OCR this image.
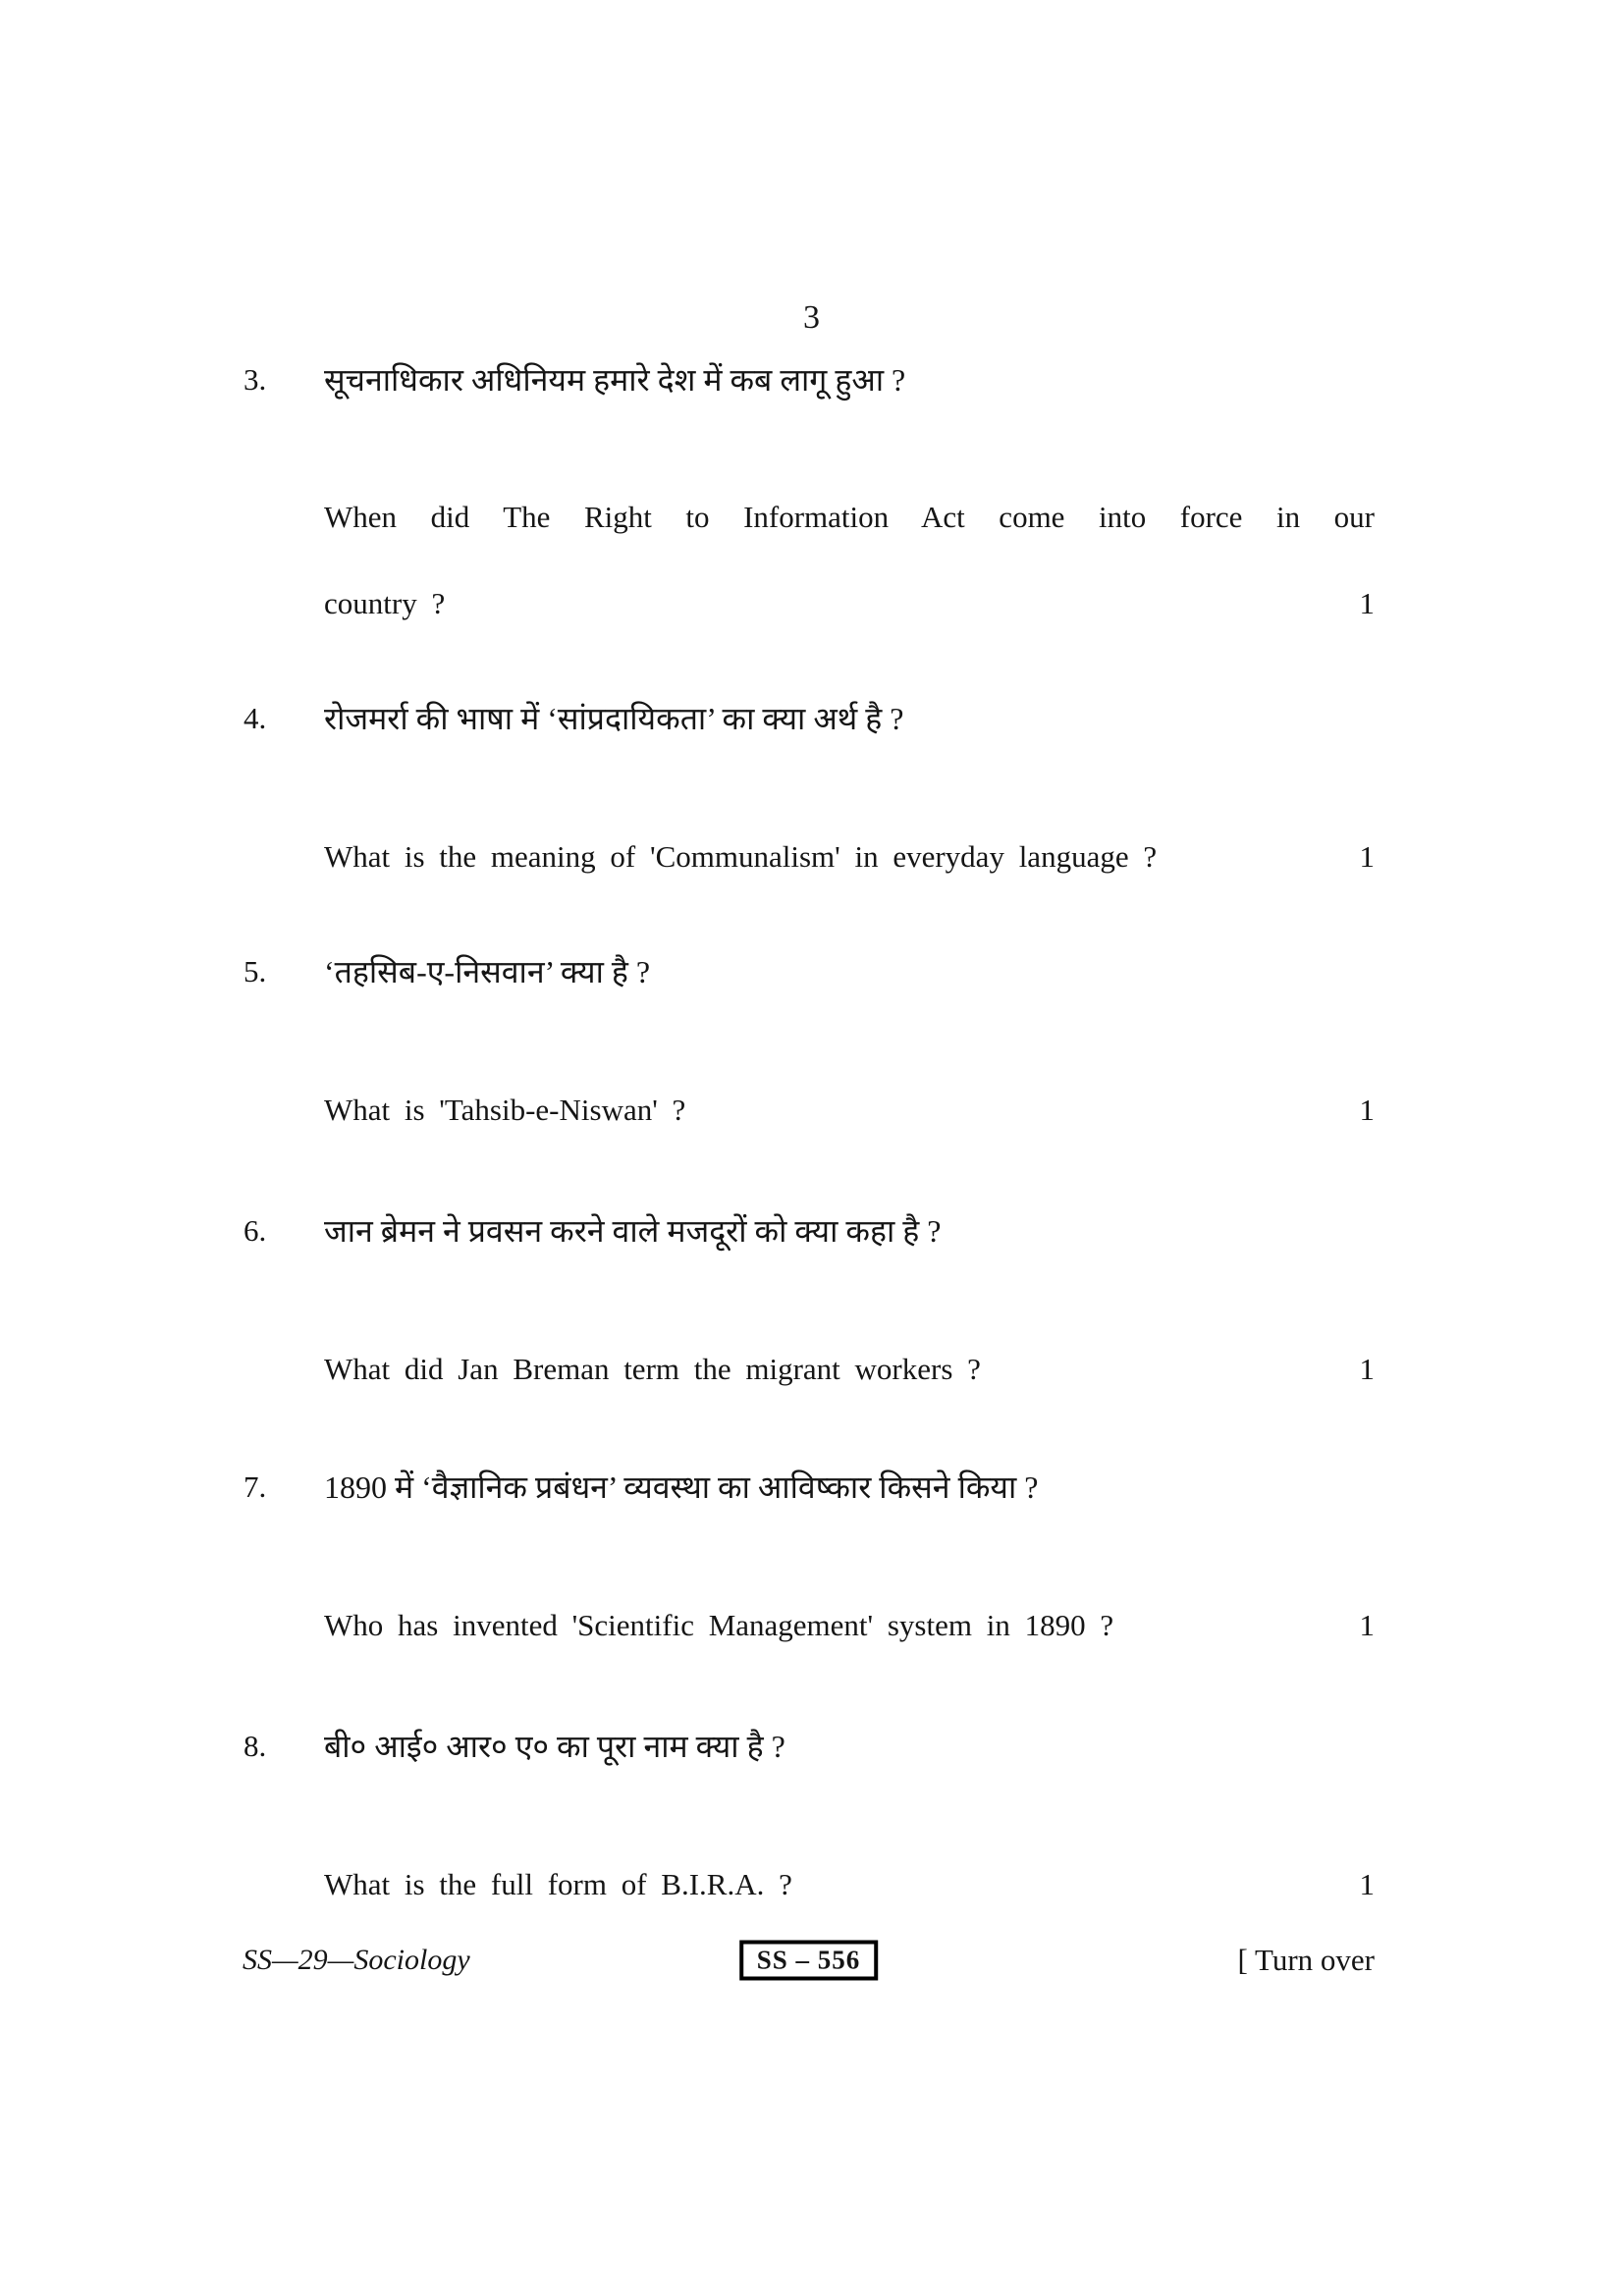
3
3.	सूचनाधिकार अधिनियम हमारे देश में कब लागू हुआ ?
When did The Right to Information Act come into force in our
country ?	1
4.	रोजमर्रा की भाषा में ‘सांप्रदायिकता’ का क्या अर्थ है ?
What is the meaning of 'Communalism' in everyday language ?	1
5.	‘तहसिब-ए-निसवान’ क्या है ?
What is 'Tahsib-e-Niswan' ?	1
6.	जान ब्रेमन ने प्रवसन करने वाले मजदूरों को क्या कहा है ?
What did Jan Breman term the migrant workers ?	1
7.	1890 में ‘वैज्ञानिक प्रबंधन’ व्यवस्था का आविष्कार किसने किया ?
Who has invented 'Scientific Management' system in 1890 ?	1
8.	बी० आई० आर० ए० का पूरा नाम क्या है ?
What is the full form of B.I.R.A. ?	1
SS—29—Sociology	SS – 556	[ Turn over
